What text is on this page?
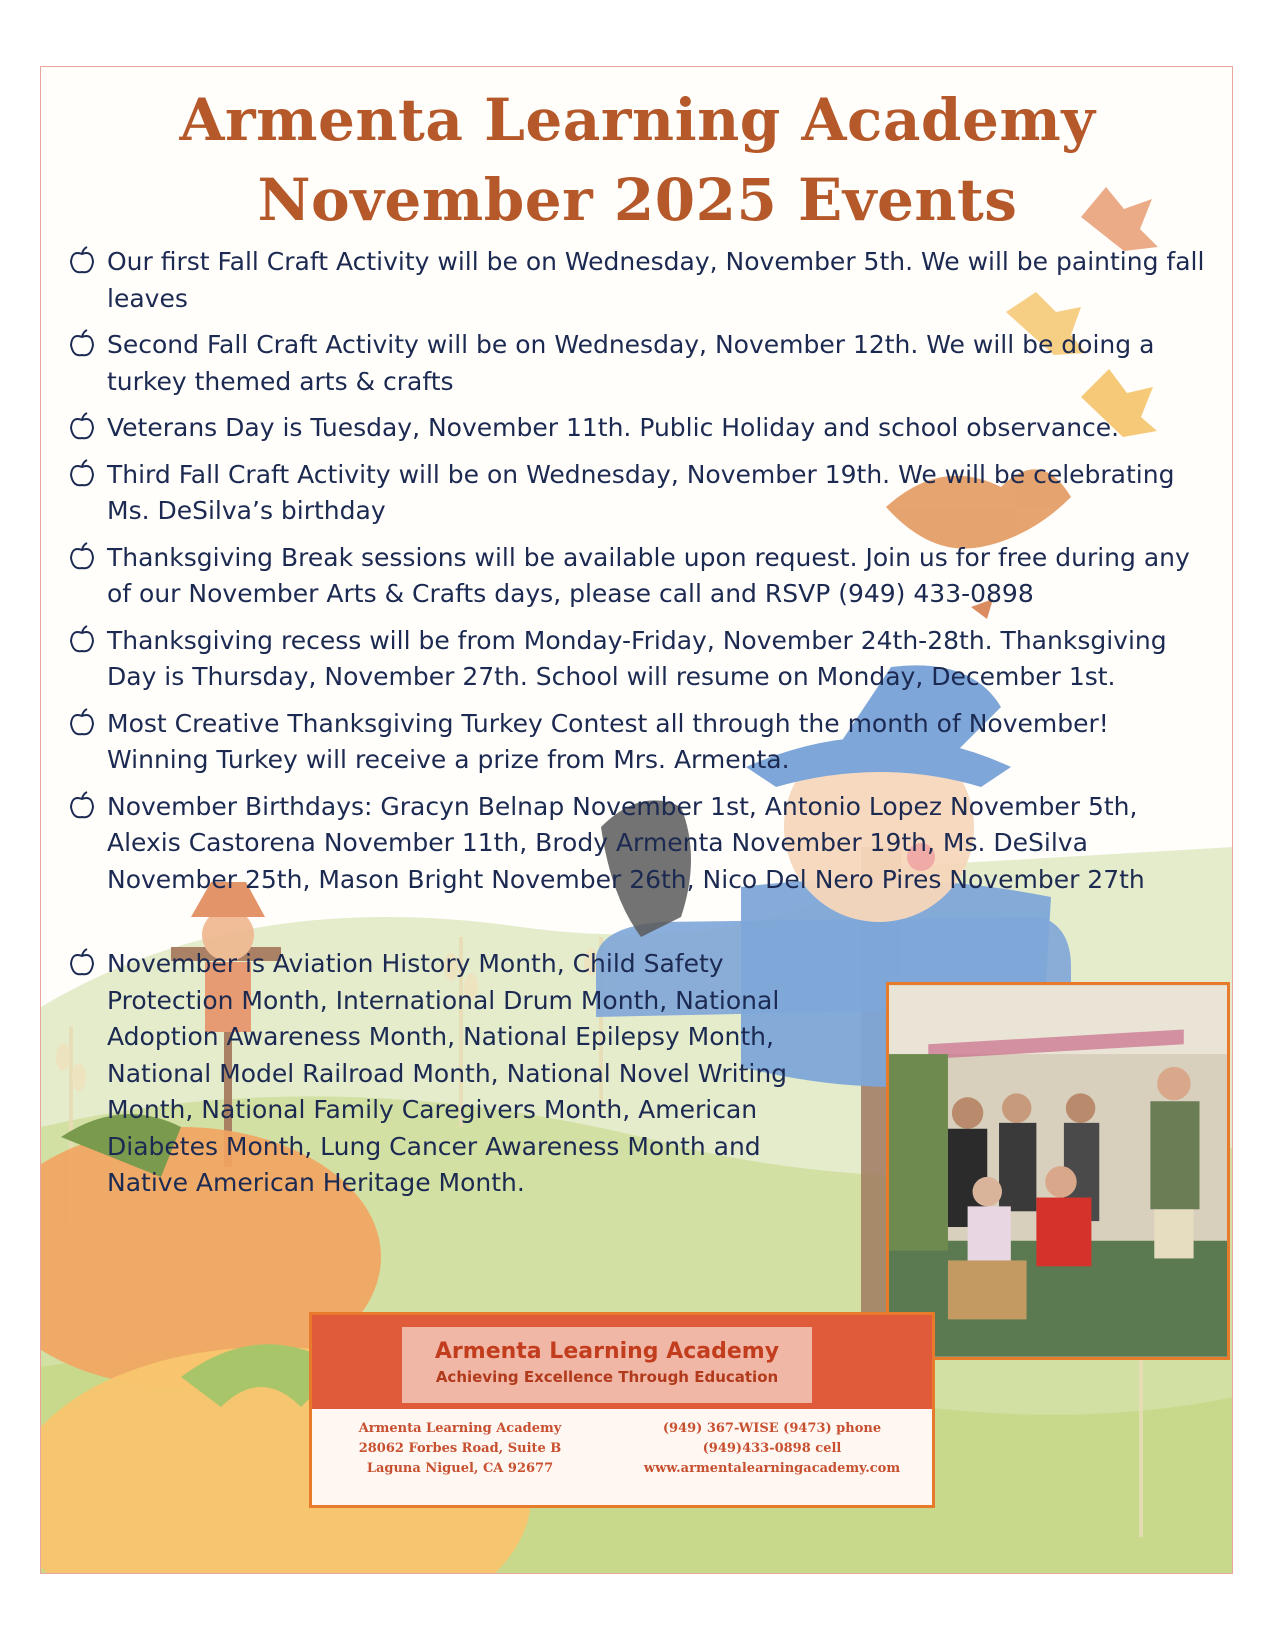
Armenta Learning Academy
November 2025 Events
Our first Fall Craft Activity will be on Wednesday, November 5th. We will be painting fall leaves
Second Fall Craft Activity will be on Wednesday, November 12th. We will be doing a turkey themed arts & crafts
Veterans Day is Tuesday, November 11th. Public Holiday and school observance.
Third Fall Craft Activity will be on Wednesday, November 19th. We will be celebrating Ms. DeSilva’s birthday
Thanksgiving Break sessions will be available upon request. Join us for free during any of our November Arts & Crafts days, please call and RSVP (949) 433-0898
Thanksgiving recess will be from Monday-Friday, November 24th-28th. Thanksgiving Day is Thursday, November 27th. School will resume on Monday, December 1st.
Most Creative Thanksgiving Turkey Contest all through the month of November! Winning Turkey will receive a prize from Mrs. Armenta.
November Birthdays: Gracyn Belnap November 1st, Antonio Lopez November 5th, Alexis Castorena November 11th, Brody Armenta November 19th, Ms. DeSilva November 25th, Mason Bright November 26th, Nico Del Nero Pires November 27th
November is Aviation History Month, Child Safety Protection Month, International Drum Month, National Adoption Awareness Month, National Epilepsy Month, National Model Railroad Month, National Novel Writing Month, National Family Caregivers Month, American Diabetes Month, Lung Cancer Awareness Month and Native American Heritage Month.
Armenta Learning Academy
Achieving Excellence Through Education
Armenta Learning Academy
28062 Forbes Road, Suite B
Laguna Niguel, CA 92677
(949) 367-WISE (9473) phone
(949)433-0898 cell
www.armentalearningacademy.com
